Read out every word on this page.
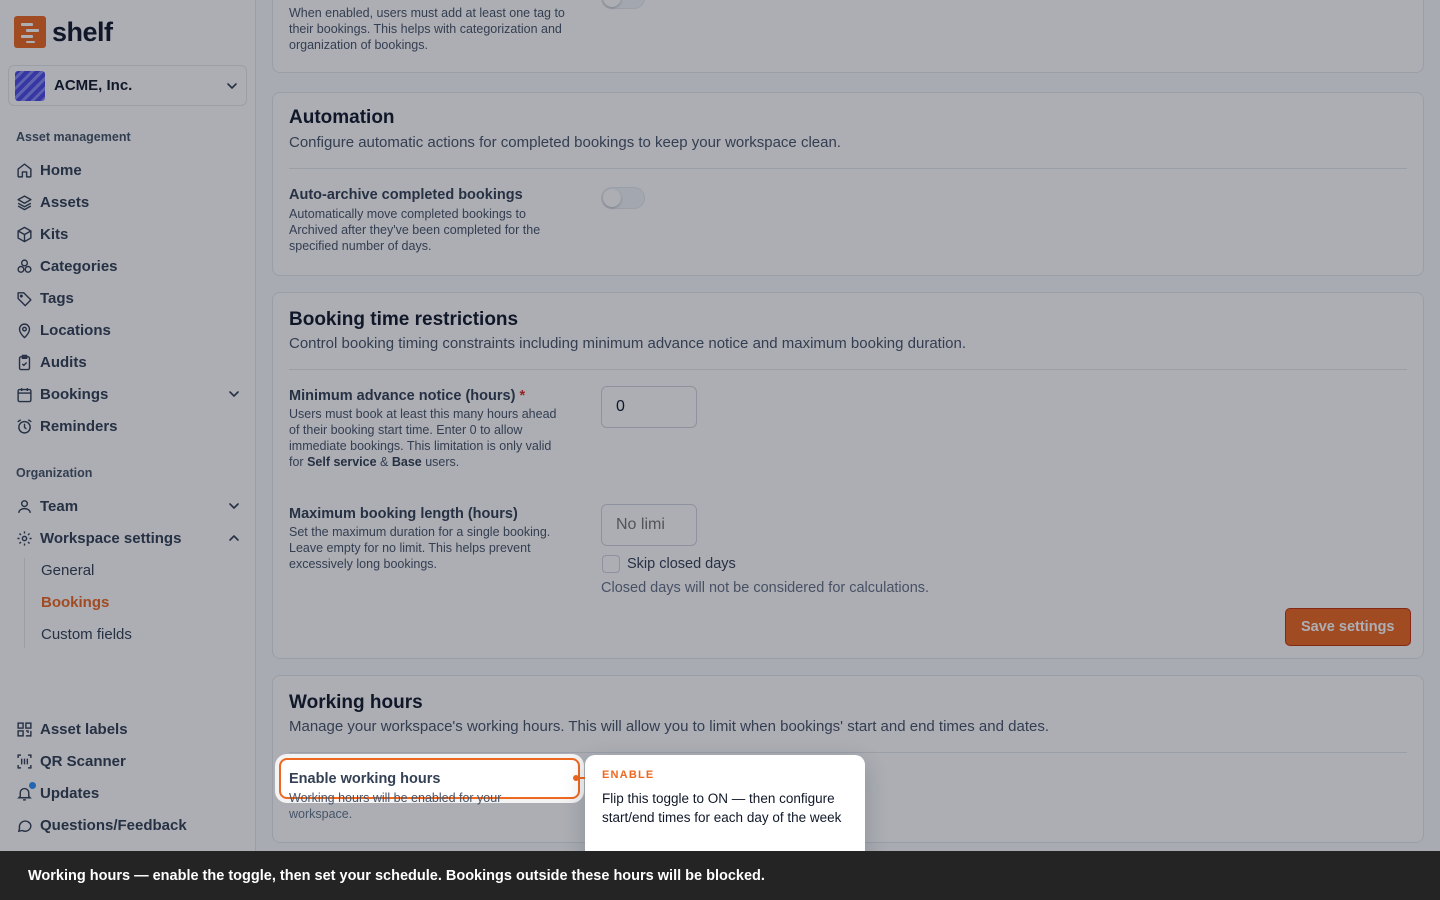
shelf
ACME, Inc.
Asset management
Home
Assets
Kits
Categories
Tags
Locations
Audits
Bookings
Reminders
Organization
Team
Workspace settings
General
Bookings
Custom fields
Asset labels
QR Scanner
Updates
Questions/Feedback
When enabled, users must add at least one tag to their bookings. This helps with categorization and organization of bookings.
Automation
Configure automatic actions for completed bookings to keep your workspace clean.
Auto-archive completed bookings
Automatically move completed bookings to Archived after they've been completed for the specified number of days.
Booking time restrictions
Control booking timing constraints including minimum advance notice and maximum booking duration.
Minimum advance notice (hours) *
Users must book at least this many hours ahead of their booking start time. Enter 0 to allow immediate bookings. This limitation is only valid for Self service & Base users.
0
Maximum booking length (hours)
Set the maximum duration for a single booking. Leave empty for no limit. This helps prevent excessively long bookings.
No limi	Skip closed days
Closed days will not be considered for calculations.
Save settings
Working hours
Manage your workspace's working hours. This will allow you to limit when bookings' start and end times and dates.
Enable working hours
Working hours will be enabled for your workspace.
ENABLE
Flip this toggle to ON — then configure start/end times for each day of the week
Working hours — enable the toggle, then set your schedule. Bookings outside these hours will be blocked.
